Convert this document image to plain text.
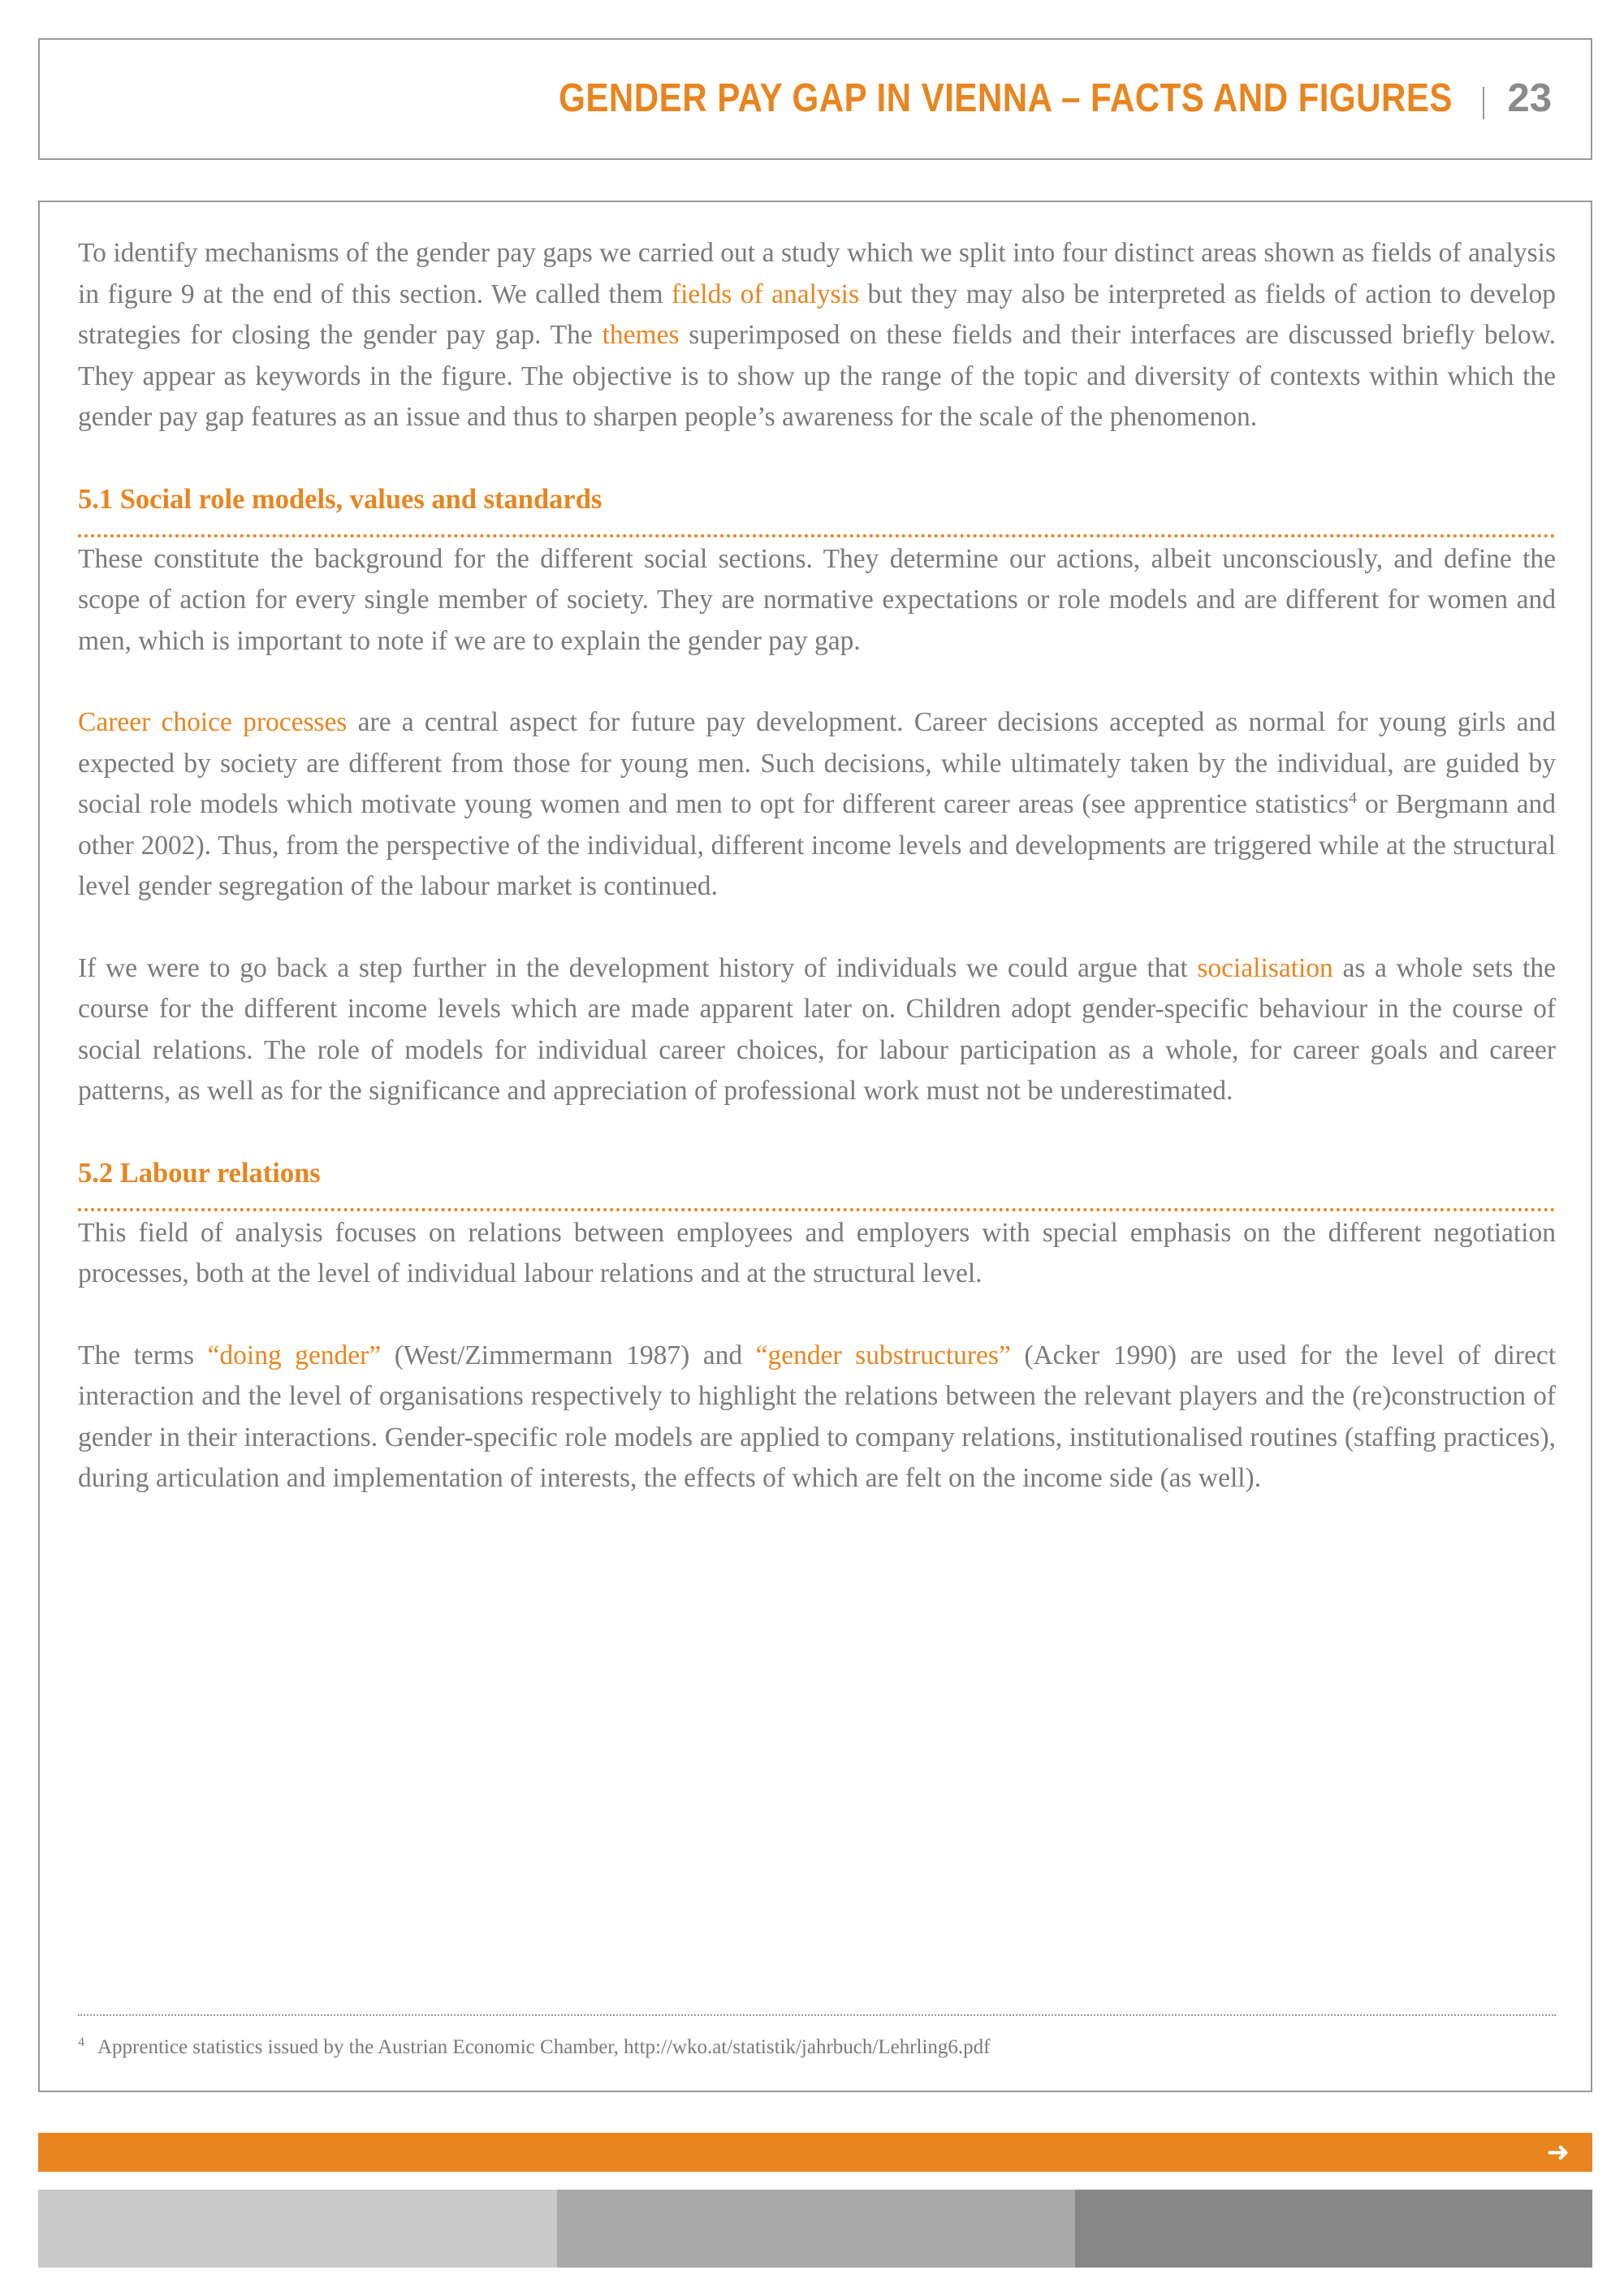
GENDER PAY GAP IN VIENNA – FACTS AND FIGURES 23

To identify mechanisms of the gender pay gaps we carried out a study which we split into four distinct areas shown as fields of analysis in figure 9 at the end of this section. We called them fields of analysis but they may also be interpreted as fields of action to develop strategies for closing the gender pay gap. The themes superimposed on these fields and their interfaces are discussed briefly below. They appear as keywords in the figure. The objective is to show up the range of the topic and diversity of contexts within which the gender pay gap features as an issue and thus to sharpen people’s awareness for the scale of the phenomenon.

5.1 Social role models, values and standards

These constitute the background for the different social sections. They determine our actions, albeit unconsciously, and define the scope of action for every single member of society. They are normative expectations or role models and are different for women and men, which is important to note if we are to explain the gender pay gap.

Career choice processes are a central aspect for future pay development. Career decisions accepted as normal for young girls and expected by society are different from those for young men. Such decisions, while ultimately taken by the individual, are guided by social role models which motivate young women and men to opt for different career areas (see apprentice statistics$^4$ or Bergmann and other 2002). Thus, from the perspective of the individual, different income levels and developments are triggered while at the structural level gender segregation of the labour market is continued.

If we were to go back a step further in the development history of individuals we could argue that socialisation as a whole sets the course for the different income levels which are made apparent later on. Children adopt gender-specific behaviour in the course of social relations. The role of models for individual career choices, for labour participation as a whole, for career goals and career patterns, as well as for the significance and appreciation of professional work must not be underestimated.

5.2 Labour relations

This field of analysis focuses on relations between employees and employers with special emphasis on the different negotiation processes, both at the level of individual labour relations and at the structural level.

The terms “doing gender” (West/Zimmermann 1987) and “gender substructures” (Acker 1990) are used for the level of direct interaction and the level of organisations respectively to highlight the relations between the relevant players and the (re)construction of gender in their interactions. Gender-specific role models are applied to company relations, institutionalised routines (staffing practices), during articulation and implementation of interests, the effects of which are felt on the income side (as well).

$^4$ Apprentice statistics issued by the Austrian Economic Chamber, http://wko.at/statistik/jahrbuch/Lehrling6.pdf
➜
